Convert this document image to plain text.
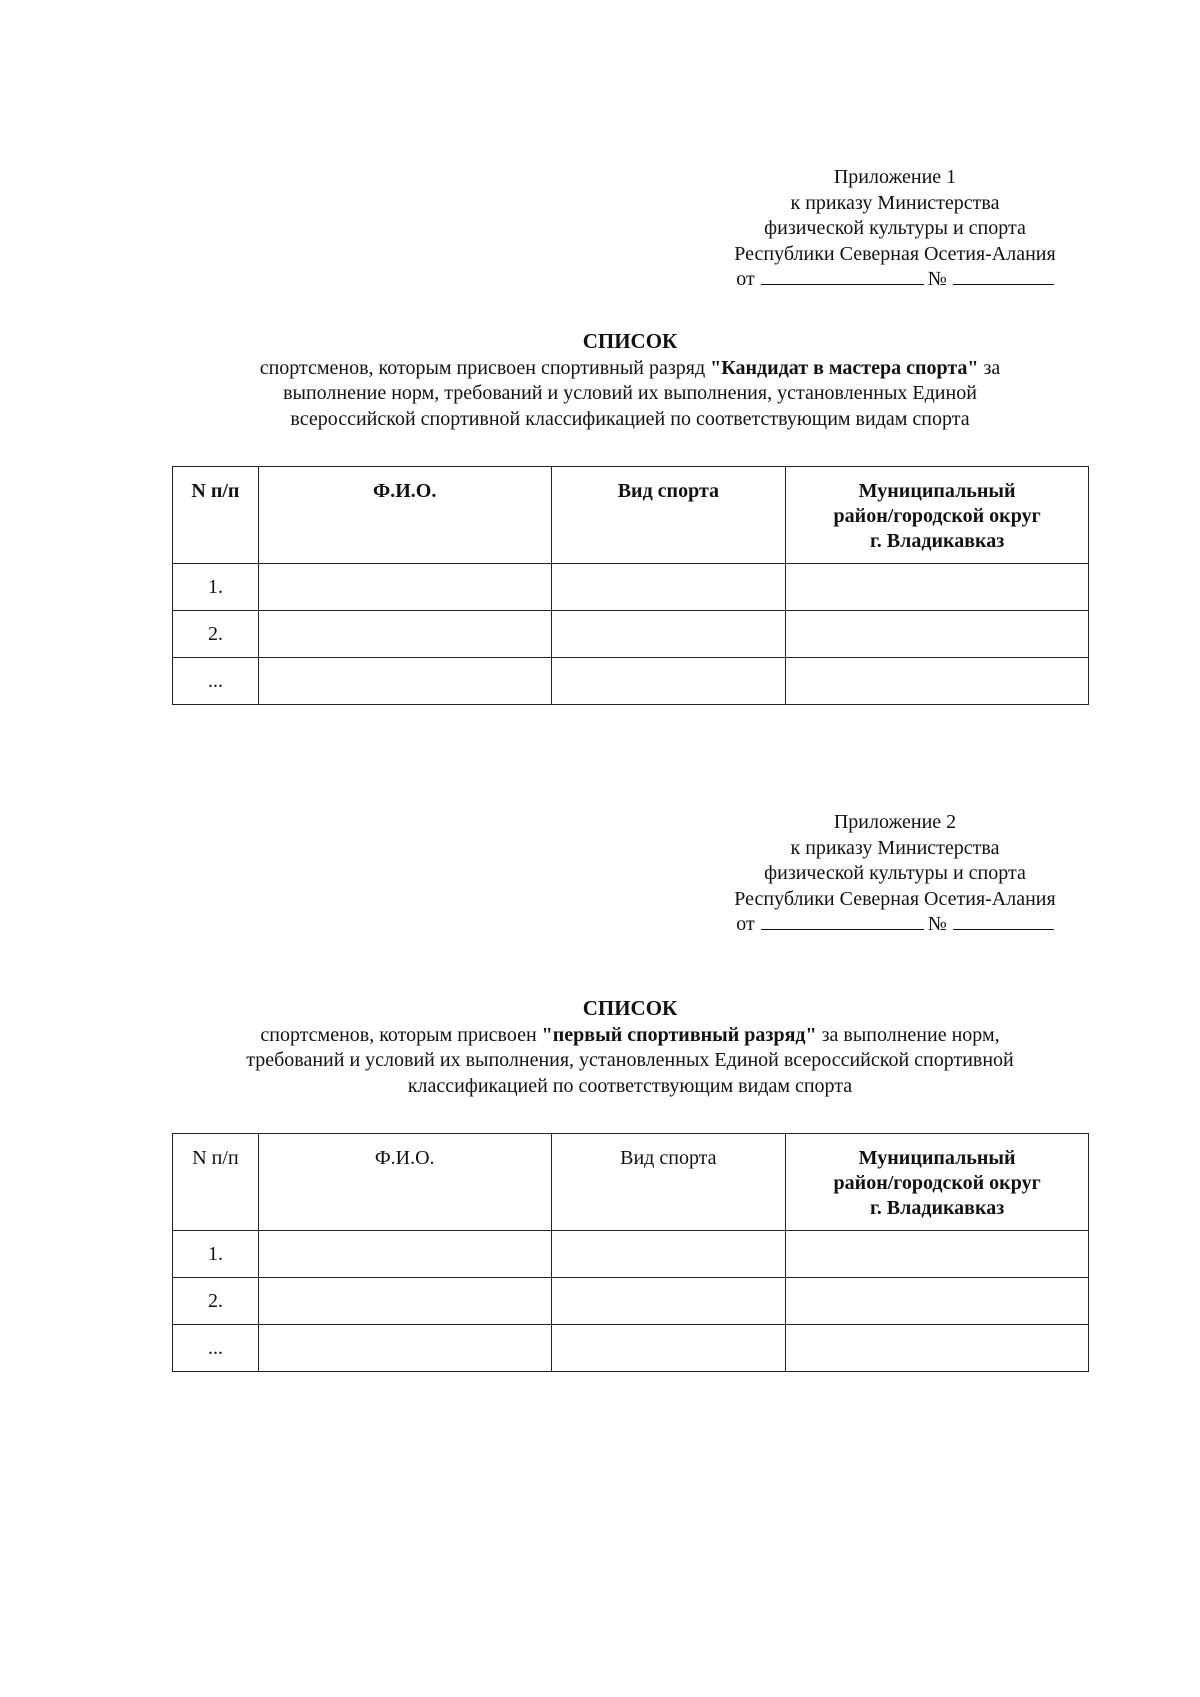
Приложение 1
к приказу Министерства
физической культуры и спорта
Республики Северная Осетия-Алания
от	№
СПИСОК
спортсменов, которым присвоен спортивный разряд "Кандидат в мастера спорта" за
выполнение норм, требований и условий их выполнения, установленных Единой
всероссийской спортивной классификацией по соответствующим видам спорта
N п/п	Ф.И.О.	Вид спорта	Муниципальный
район/городской округ
г. Владикавказ

1.			
2.			
...			
Приложение 2
к приказу Министерства
физической культуры и спорта
Республики Северная Осетия-Алания
от	№
СПИСОК
спортсменов, которым присвоен "первый спортивный разряд" за выполнение норм,
требований и условий их выполнения, установленных Единой всероссийской спортивной
классификацией по соответствующим видам спорта
N п/п	Ф.И.О.	Вид спорта	Муниципальный
район/городской округ
г. Владикавказ

1.			
2.			
...			
